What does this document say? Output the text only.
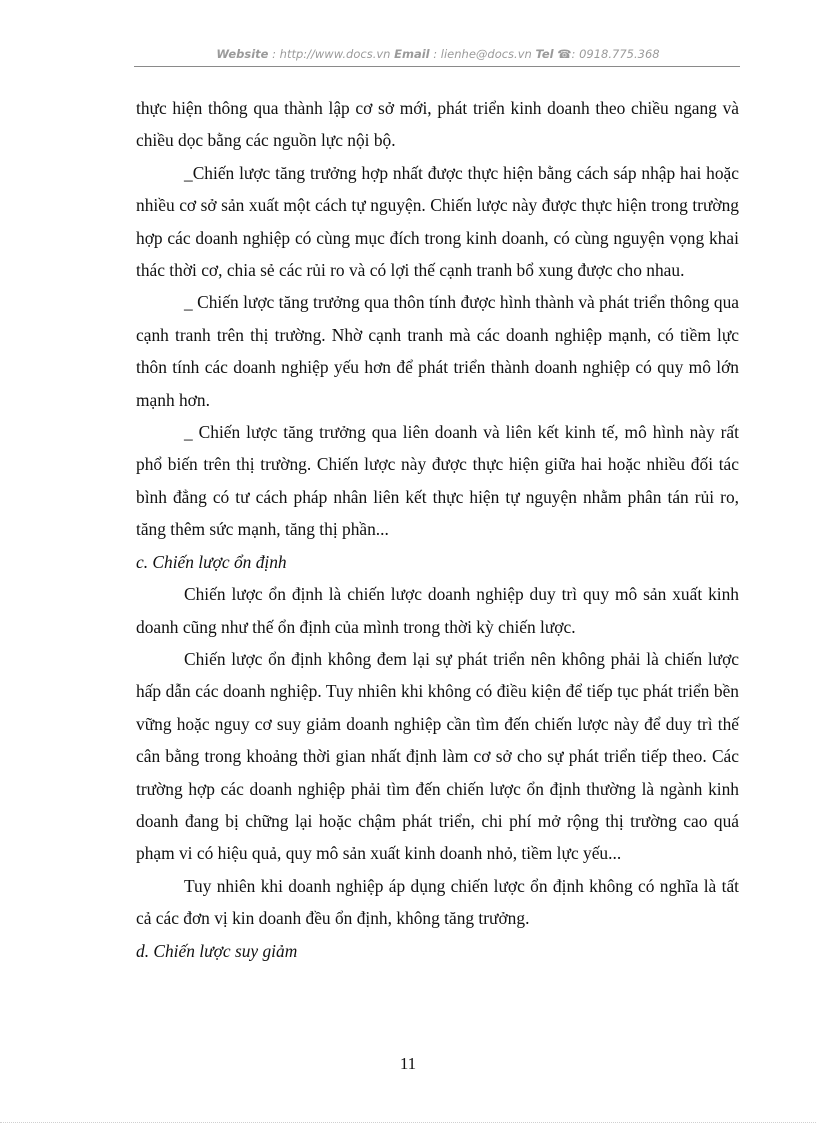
Website : http://www.docs.vn Email : lienhe@docs.vn Tel ☎: 0918.775.368

thực hiện thông qua thành lập cơ sở mới, phát triển kinh doanh theo chiều ngang và chiều dọc bằng các nguồn lực nội bộ.

_Chiến lược tăng trưởng hợp nhất được thực hiện bằng cách sáp nhập hai hoặc nhiều cơ sở sản xuất một cách tự nguyện. Chiến lược này được thực hiện trong trường hợp các doanh nghiệp có cùng mục đích trong kinh doanh, có cùng nguyện vọng khai thác thời cơ, chia sẻ các rủi ro và có lợi thế cạnh tranh bổ xung được cho nhau.

_ Chiến lược tăng trưởng qua thôn tính được hình thành và phát triển thông qua cạnh tranh trên thị trường. Nhờ cạnh tranh mà các doanh nghiệp mạnh, có tiềm lực thôn tính các doanh nghiệp yếu hơn để phát triển thành doanh nghiệp có quy mô lớn mạnh hơn.

_ Chiến lược tăng trưởng qua liên doanh và liên kết kinh tế, mô hình này rất phổ biến trên thị trường. Chiến lược này được thực hiện giữa hai hoặc nhiều đối tác bình đẳng có tư cách pháp nhân liên kết thực hiện tự nguyện nhằm phân tán rủi ro, tăng thêm sức mạnh, tăng thị phần...

c. Chiến lược ổn định

Chiến lược ổn định là chiến lược doanh nghiệp duy trì quy mô sản xuất kinh doanh cũng như thế ổn định của mình trong thời kỳ chiến lược.

Chiến lược ổn định không đem lại sự phát triển nên không phải là chiến lược hấp dẫn các doanh nghiệp. Tuy nhiên khi không có điều kiện để tiếp tục phát triển bền vững hoặc nguy cơ suy giảm doanh nghiệp cần tìm đến chiến lược này để duy trì thế cân bằng trong khoảng thời gian nhất định làm cơ sở cho sự phát triển tiếp theo. Các trường hợp các doanh nghiệp phải tìm đến chiến lược ổn định thường là ngành kinh doanh đang bị chững lại hoặc chậm phát triển, chi phí mở rộng thị trường cao quá phạm vi có hiệu quả, quy mô sản xuất kinh doanh nhỏ, tiềm lực yếu...

Tuy nhiên khi doanh nghiệp áp dụng chiến lược ổn định không có nghĩa là tất cả các đơn vị kin doanh đều ổn định, không tăng trưởng.

d. Chiến lược suy giảm

11
